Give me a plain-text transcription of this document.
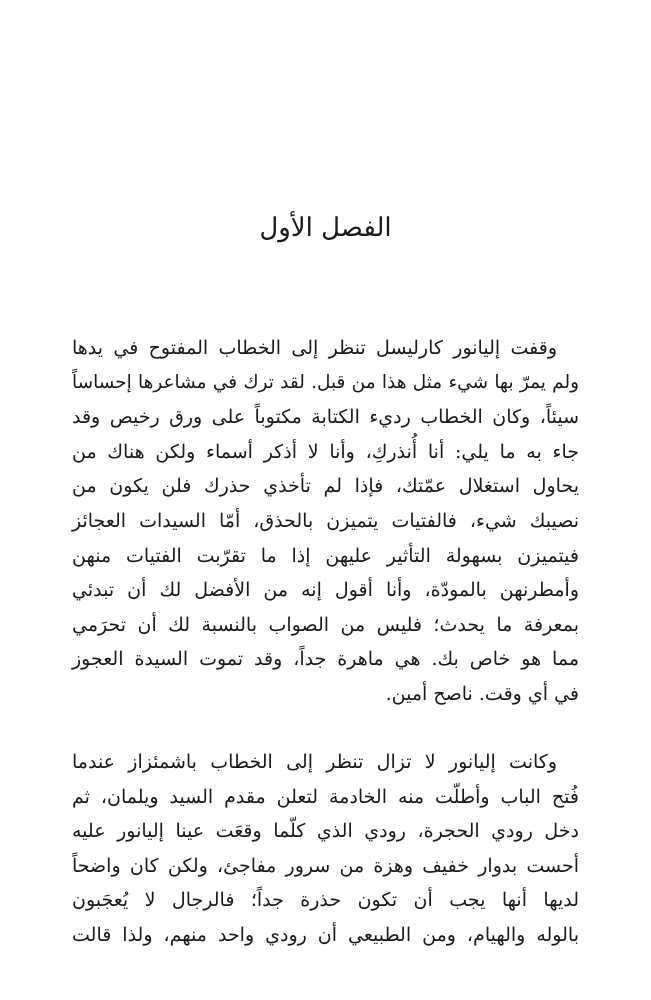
الفصل الأول

وقفت إليانور كارليسل تنظر إلى الخطاب المفتوح في يدها
ولم يمرّ بها شيء مثل هذا من قبل. لقد ترك في مشاعرها إحساساً
سيئاً، وكان الخطاب رديء الكتابة مكتوباً على ورق رخيص وقد
جاء به ما يلي: أنا أُنذركِ، وأنا لا أذكر أسماء ولكن هناك من
يحاول استغلال عمّتك، فإذا لم تأخذي حذرك فلن يكون من
نصيبك شيء، فالفتيات يتميزن بالحذق، أمّا السيدات العجائز
فيتميزن بسهولة التأثير عليهن إذا ما تقرّبت الفتيات منهن
وأمطرنهن بالمودّة، وأنا أقول إنه من الأفضل لك أن تبدئي
بمعرفة ما يحدث؛ فليس من الصواب بالنسبة لك أن تحرَمي
مما هو خاص بك. هي ماهرة جداً، وقد تموت السيدة العجوز
في أي وقت. ناصح أمين.

وكانت إليانور لا تزال تنظر إلى الخطاب باشمئزاز عندما
فُتح الباب وأطلّت منه الخادمة لتعلن مقدم السيد ويلمان، ثم
دخل رودي الحجرة، رودي الذي كلّما وقعَت عينا إليانور عليه
أحست بدوار خفيف وهزة من سرور مفاجئ، ولكن كان واضحاً
لديها أنها يجب أن تكون حذرة جداً؛ فالرجال لا يُعجَبون
بالوله والهيام، ومن الطبيعي أن رودي واحد منهم، ولذا قالت
